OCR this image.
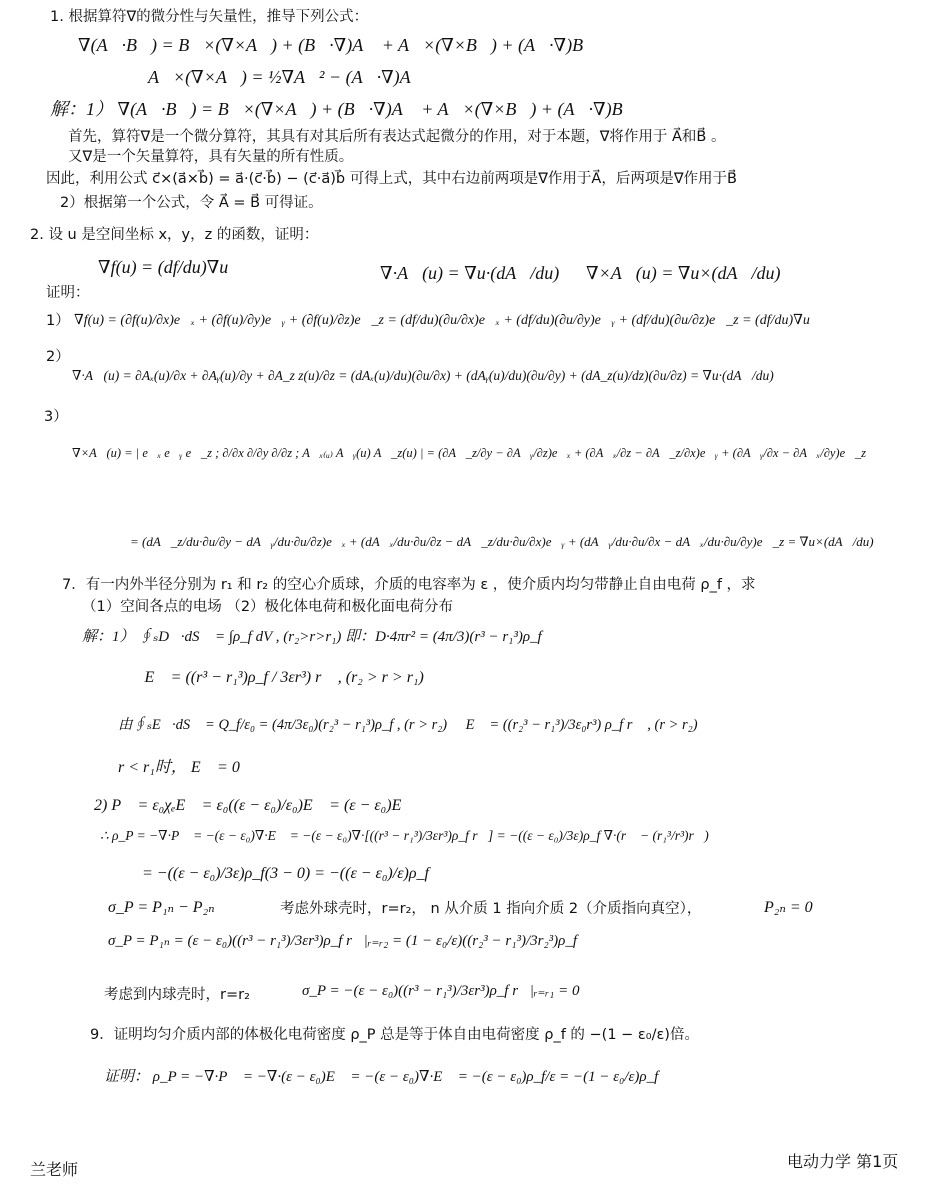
1. 根据算符∇的微分性与矢量性，推导下列公式：
∇(A⃗·B⃗) = B⃗×(∇×A⃗) + (B⃗·∇)A⃗ + A⃗×(∇×B⃗) + (A⃗·∇)B⃗
A⃗×(∇×A⃗) = ½∇A⃗² − (A⃗·∇)A⃗
解：1） ∇(A⃗·B⃗) = B⃗×(∇×A⃗) + (B⃗·∇)A⃗ + A⃗×(∇×B⃗) + (A⃗·∇)B⃗
首先，算符∇是一个微分算符，其具有对其后所有表达式起微分的作用，对于本题，∇将作用于 A⃗和B⃗ 。
又∇是一个矢量算符，具有矢量的所有性质。
因此，利用公式 c⃗×(a⃗×b⃗) = a⃗·(c⃗·b⃗) − (c⃗·a⃗)b⃗ 可得上式，其中右边前两项是∇作用于A⃗，后两项是∇作用于B⃗
2）根据第一个公式，令 A⃗ = B⃗ 可得证。
2. 设 u 是空间坐标 x，y，z 的函数，证明：
∇f(u) = (df/du)∇u	∇·A⃗(u) = ∇u·(dA⃗/du) ∇×A⃗(u) = ∇u×(dA⃗/du)
证明：
1） ∇f(u) = (∂f(u)/∂x)e⃗ₓ + (∂f(u)/∂y)e⃗ᵧ + (∂f(u)/∂z)e⃗_z = (df/du)(∂u/∂x)e⃗ₓ + (df/du)(∂u/∂y)e⃗ᵧ + (df/du)(∂u/∂z)e⃗_z = (df/du)∇u
2）
∇·A⃗(u) = ∂Aₓ(u)/∂x + ∂Aᵧ(u)/∂y + ∂A_z z(u)/∂z = (dAₓ(u)/du)(∂u/∂x) + (dAᵧ(u)/du)(∂u/∂y) + (dA_z(u)/dz)(∂u/∂z) = ∇u·(dA⃗/du)
3）
∇×A⃗(u) = | e⃗ₓ e⃗ᵧ e⃗_z ; ∂/∂x ∂/∂y ∂/∂z ; A⃗ₓ₍ᵤ₎ A⃗ᵧ(u) A⃗_z(u) | = (∂A⃗_z/∂y − ∂A⃗ᵧ/∂z)e⃗ₓ + (∂A⃗ₓ/∂z − ∂A⃗_z/∂x)e⃗ᵧ + (∂A⃗ᵧ/∂x − ∂A⃗ₓ/∂y)e⃗_z
= (dA⃗_z/du·∂u/∂y − dA⃗ᵧ/du·∂u/∂z)e⃗ₓ + (dA⃗ₓ/du·∂u/∂z − dA⃗_z/du·∂u/∂x)e⃗ᵧ + (dA⃗ᵧ/du·∂u/∂x − dA⃗ₓ/du·∂u/∂y)e⃗_z = ∇u×(dA⃗/du)
7．有一内外半径分别为 r₁ 和 r₂ 的空心介质球，介质的电容率为 ε ，使介质内均匀带静止自由电荷 ρ_f ，求
（1）空间各点的电场 （2）极化体电荷和极化面电荷分布
解：1） ∮ₛD⃗·dS⃗ = ∫ρ_f dV , (r₂>r>r₁) 即：D·4πr² = (4π/3)(r³ − r₁³)ρ_f
∴ E⃗ = ((r³ − r₁³)ρ_f / 3εr³) r⃗ , (r₂ > r > r₁)
由∮ₛE⃗·dS⃗ = Q_f/ε₀ = (4π/3ε₀)(r₂³ − r₁³)ρ_f , (r > r₂) ∴ E⃗ = ((r₂³ − r₁³)/3ε₀r³) ρ_f r⃗ , (r > r₂)
r < r₁时， E⃗ = 0
2) P⃗ = ε₀χₑE⃗ = ε₀((ε − ε₀)/ε₀)E⃗ = (ε − ε₀)E⃗
∴ ρ_P = −∇·P⃗ = −(ε − ε₀)∇·E⃗ = −(ε − ε₀)∇·[((r³ − r₁³)/3εr³)ρ_f r⃗] = −((ε − ε₀)/3ε)ρ_f ∇·(r⃗ − (r₁³/r³)r⃗)
= −((ε − ε₀)/3ε)ρ_f(3 − 0) = −((ε − ε₀)/ε)ρ_f
σ_P = P₁ₙ − P₂ₙ	考虑外球壳时，r=r₂， n 从介质 1 指向介质 2（介质指向真空），	P₂ₙ = 0
σ_P = P₁ₙ = (ε − ε₀)((r³ − r₁³)/3εr³)ρ_f r⃗|ᵣ₌ᵣ₂ = (1 − ε₀/ε)((r₂³ − r₁³)/3r₂³)ρ_f
考虑到内球壳时，r=r₂	σ_P = −(ε − ε₀)((r³ − r₁³)/3εr³)ρ_f r⃗|ᵣ₌ᵣ₁ = 0
9．证明均匀介质内部的体极化电荷密度 ρ_P 总是等于体自由电荷密度 ρ_f 的 −(1 − ε₀/ε)倍。
证明： ρ_P = −∇·P⃗ = −∇·(ε − ε₀)E⃗ = −(ε − ε₀)∇·E⃗ = −(ε − ε₀)ρ_f/ε = −(1 − ε₀/ε)ρ_f
兰老师	电动力学 第1页
